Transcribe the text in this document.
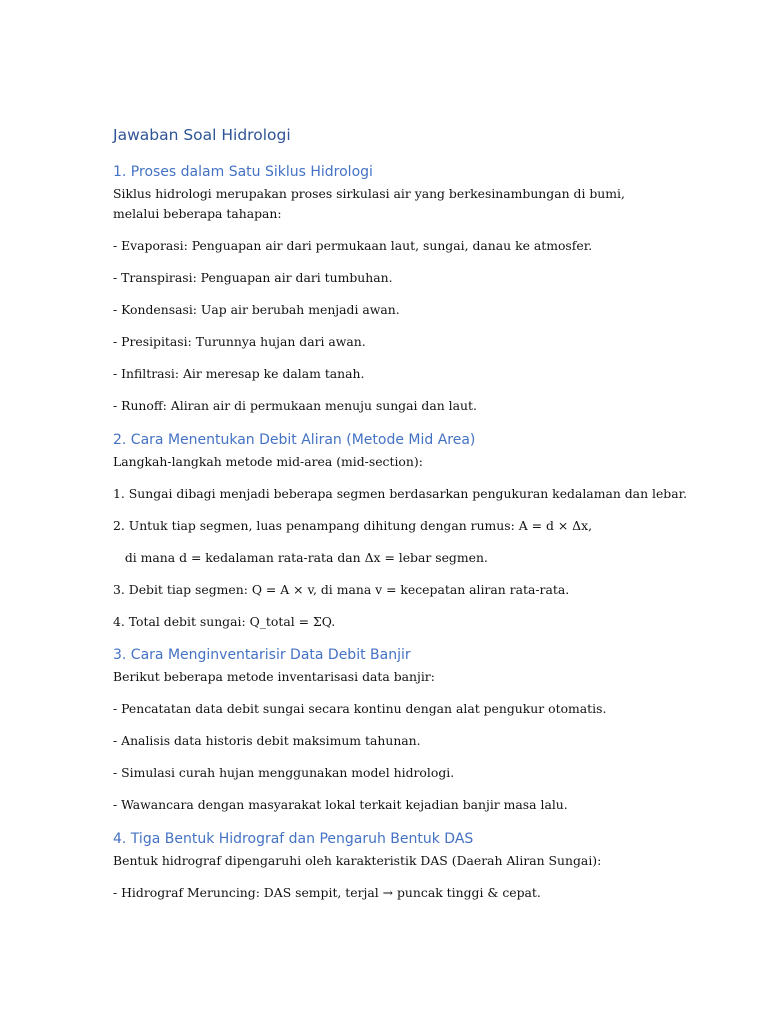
Jawaban Soal Hidrologi
1. Proses dalam Satu Siklus Hidrologi

Siklus hidrologi merupakan proses sirkulasi air yang berkesinambungan di bumi, melalui beberapa tahapan:

- Evaporasi: Penguapan air dari permukaan laut, sungai, danau ke atmosfer.

- Transpirasi: Penguapan air dari tumbuhan.

- Kondensasi: Uap air berubah menjadi awan.

- Presipitasi: Turunnya hujan dari awan.

- Infiltrasi: Air meresap ke dalam tanah.

- Runoff: Aliran air di permukaan menuju sungai dan laut.

2. Cara Menentukan Debit Aliran (Metode Mid Area)

Langkah-langkah metode mid-area (mid-section):

1. Sungai dibagi menjadi beberapa segmen berdasarkan pengukuran kedalaman dan lebar.

2. Untuk tiap segmen, luas penampang dihitung dengan rumus: A = d × Δx,

di mana d = kedalaman rata-rata dan Δx = lebar segmen.

3. Debit tiap segmen: Q = A × v, di mana v = kecepatan aliran rata-rata.

4. Total debit sungai: Q_total = ΣQ.

3. Cara Menginventarisir Data Debit Banjir

Berikut beberapa metode inventarisasi data banjir:

- Pencatatan data debit sungai secara kontinu dengan alat pengukur otomatis.

- Analisis data historis debit maksimum tahunan.

- Simulasi curah hujan menggunakan model hidrologi.

- Wawancara dengan masyarakat lokal terkait kejadian banjir masa lalu.

4. Tiga Bentuk Hidrograf dan Pengaruh Bentuk DAS

Bentuk hidrograf dipengaruhi oleh karakteristik DAS (Daerah Aliran Sungai):

- Hidrograf Meruncing: DAS sempit, terjal → puncak tinggi & cepat.
